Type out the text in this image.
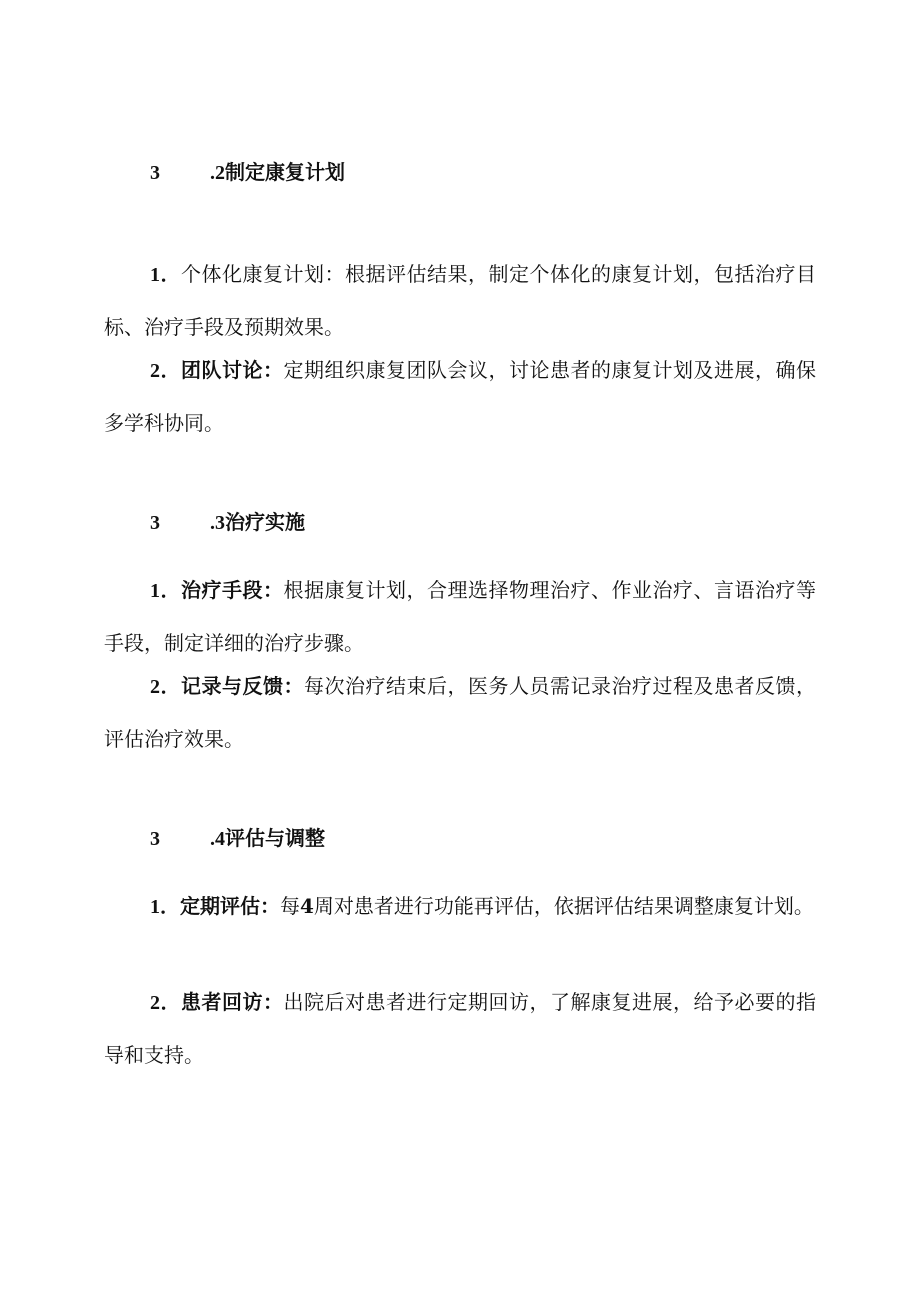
3	.2制定康复计划
1．个体化康复计划：根据评估结果，制定个体化的康复计划，包括治疗目标、治疗手段及预期效果。
2．团队讨论：定期组织康复团队会议，讨论患者的康复计划及进展，确保多学科协同。
3	.3治疗实施
1．治疗手段：根据康复计划，合理选择物理治疗、作业治疗、言语治疗等手段，制定详细的治疗步骤。
2．记录与反馈：每次治疗结束后，医务人员需记录治疗过程及患者反馈，评估治疗效果。
3	.4评估与调整
1．定期评估：每4周对患者进行功能再评估，依据评估结果调整康复计划。
2．患者回访：出院后对患者进行定期回访，了解康复进展，给予必要的指导和支持。
